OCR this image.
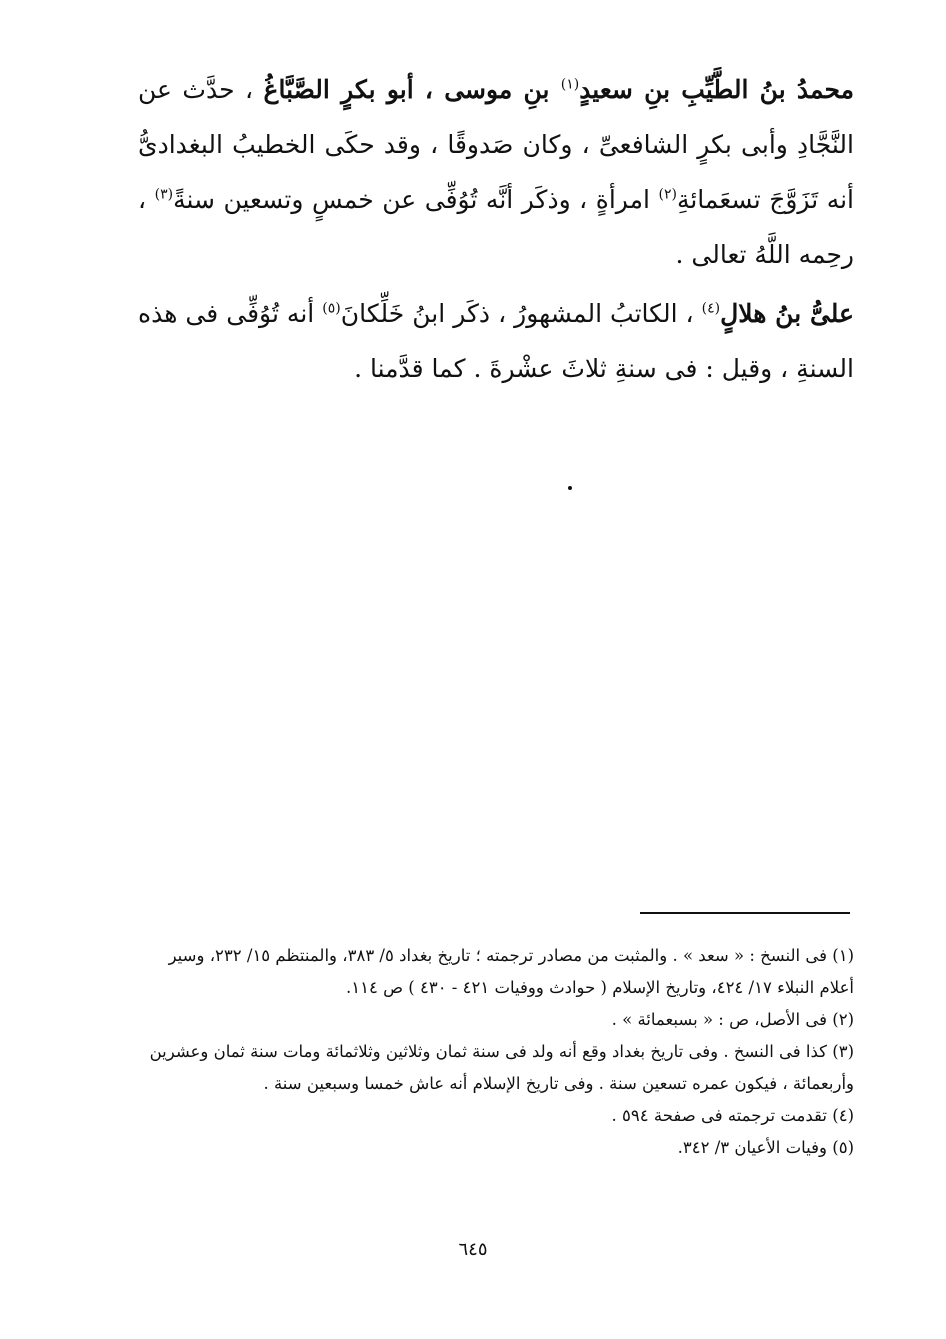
محمدُ بنُ الطَّيِّبِ بنِ سعيدٍ$^{(١)}$ بنِ موسى ، أبو بكرٍ الصَّبَّاغُ ، حدَّث عن النَّجَّادِ وأبى بكرٍ الشافعىِّ ، وكان صَدوقًا ، وقد حكَى الخطيبُ البغدادىُّ أنه تَزَوَّجَ تسعَمائةِ$^{(٢)}$ امرأةٍ ، وذكَر أنَّه تُوُفِّى عن خمسٍ وتسعين سنةً$^{(٣)}$ ، رحِمه اللَّهُ تعالى .

علىُّ بنُ هلالٍ$^{(٤)}$ ، الكاتبُ المشهورُ ، ذكَر ابنُ خَلِّكانَ$^{(٥)}$ أنه تُوُفِّى فى هذه السنةِ ، وقيل : فى سنةِ ثلاثَ عشْرةَ . كما قدَّمنا .

(١) فى النسخ : « سعد » . والمثبت من مصادر ترجمته ؛ تاريخ بغداد ٥/ ٣٨٣، والمنتظم ١٥/ ٢٣٢، وسير أعلام النبلاء ١٧/ ٤٢٤، وتاريخ الإسلام ( حوادث ووفيات ٤٢١ - ٤٣٠ ) ص ١١٤.

(٢) فى الأصل، ص : « بسبعمائة » .

(٣) كذا فى النسخ . وفى تاريخ بغداد وقع أنه ولد فى سنة ثمان وثلاثين وثلاثمائة ومات سنة ثمان وعشرين وأربعمائة ، فيكون عمره تسعين سنة . وفى تاريخ الإسلام أنه عاش خمسا وسبعين سنة .

(٤) تقدمت ترجمته فى صفحة ٥٩٤ .

(٥) وفيات الأعيان ٣/ ٣٤٢.

٦٤٥
